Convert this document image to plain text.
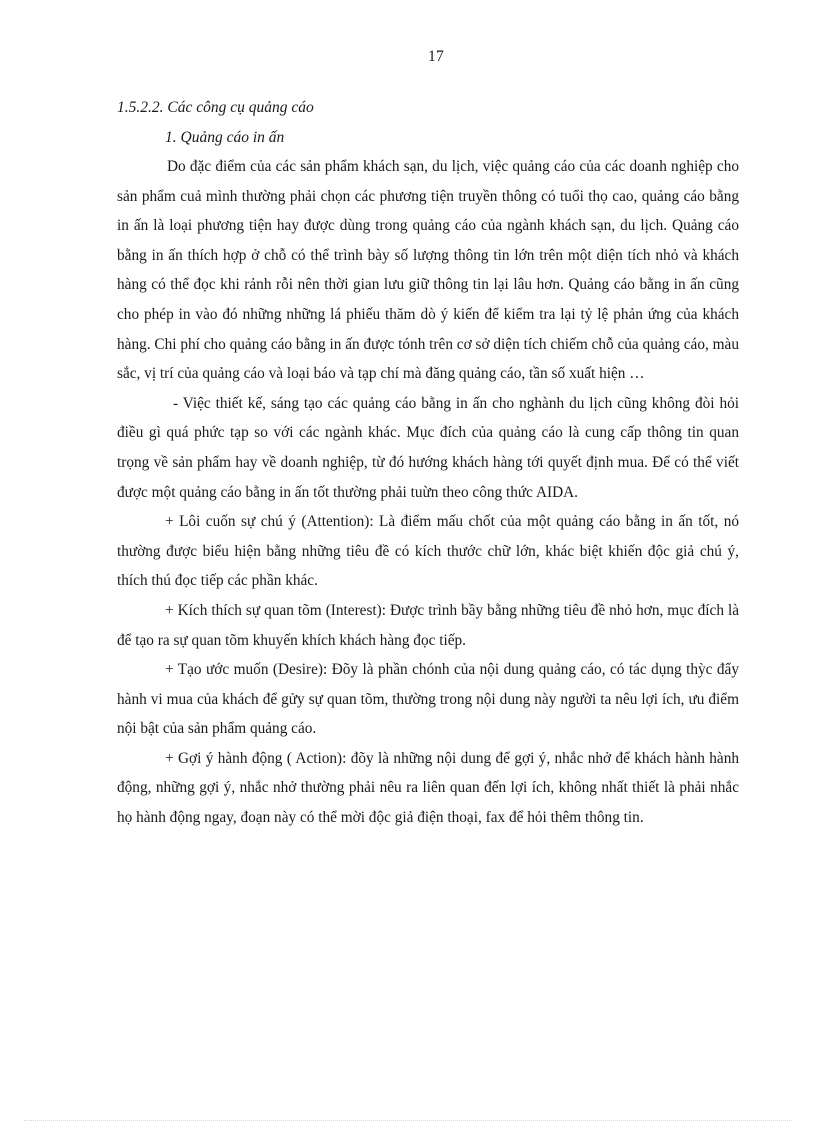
17

1.5.2.2. Các công cụ quảng cáo

1. Quảng cáo in ấn

Do đặc điểm của các sản phẩm khách sạn, du lịch, việc quảng cáo của các doanh nghiệp cho sản phẩm cuả mình thường phải chọn các phương tiện truyền thông có tuổi thọ cao, quảng cáo bằng in ấn là loại phương tiện hay được dùng trong quảng cáo của ngành khách sạn, du lịch. Quảng cáo bằng in ấn thích hợp ở chỗ có thể trình bày số lượng thông tin lớn trên một diện tích nhỏ và khách hàng có thể đọc khi rảnh rỗi nên thời gian lưu giữ thông tin lại lâu hơn. Quảng cáo bằng in ấn cũng cho phép in vào đó những những lá phiếu thăm dò ý kiến để kiểm tra lại tỷ lệ phản ứng của khách hàng. Chi phí cho quảng cáo bằng in ấn được tónh trên cơ sở diện tích chiếm chỗ của quảng cáo, màu sắc, vị trí của quảng cáo và loại báo và tạp chí mà đăng quảng cáo, tần số xuất hiện …

- Việc thiết kế, sáng tạo các quảng cáo bằng in ấn cho nghành du lịch cũng không đòi hỏi điều gì quá phức tạp so với các ngành khác. Mục đích của quảng cáo là cung cấp thông tin quan trọng về sản phẩm hay về doanh nghiệp, từ đó hướng khách hàng tới quyết định mua. Để có thể viết được một quảng cáo bằng in ấn tốt thường phải tuừn theo công thức AIDA.

+ Lôi cuốn sự chú ý (Attention): Là điểm mấu chốt của một quảng cáo bằng in ấn tốt, nó thường được biểu hiện bằng những tiêu đề có kích thước chữ lớn, khác biệt khiến độc giả chú ý, thích thú đọc tiếp các phần khác.

+ Kích thích sự quan tõm (Interest): Được trình bầy bằng những tiêu đề nhỏ hơn, mục đích là để tạo ra sự quan tõm khuyến khích khách hàng đọc tiếp.

+ Tạo ước muốn (Desire): Đõy là phần chónh của nội dung quảng cáo, có tác dụng thỳc đẩy hành vi mua của khách để gửy sự quan tõm, thường trong nội dung này người ta nêu lợi ích, ưu điểm nội bật của sản phẩm quảng cáo.

+ Gợi ý hành động ( Action): đõy là những nội dung để gợi ý, nhắc nhở để khách hành hành động, những gợi ý, nhắc nhở thường phải nêu ra liên quan đến lợi ích, không nhất thiết là phải nhắc họ hành động ngay, đoạn này có thể mời độc giả điện thoại, fax để hỏi thêm thông tin.
